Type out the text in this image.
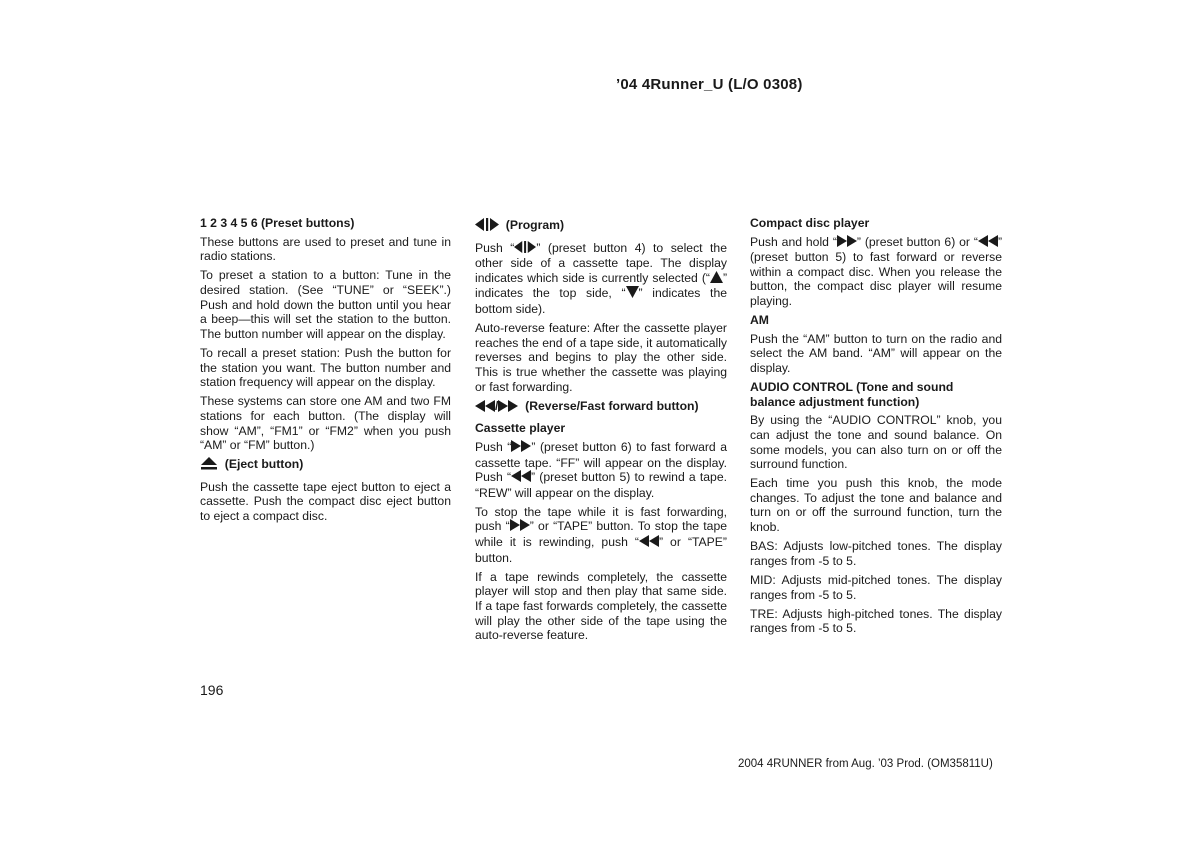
’04 4Runner_U (L/O 0308)
1 2 3 4 5 6 (Preset buttons)

These buttons are used to preset and tune in radio stations.

To preset a station to a button: Tune in the desired station. (See “TUNE” or “SEEK”.) Push and hold down the button until you hear a beep—this will set the station to the button. The button number will appear on the display.

To recall a preset station: Push the button for the station you want. The button number and station frequency will appear on the display.

These systems can store one AM and two FM stations for each button. (The display will show “AM”, “FM1” or “FM2” when you push “AM” or “FM” button.)

(Eject button)

Push the cassette tape eject button to eject a cassette. Push the compact disc eject button to eject a compact disc.

(Program)

Push “ ” (preset button 4) to select the other side of a cassette tape. The display indicates which side is currently selected (“ ” indicates the top side, “ ” indicates the bottom side).

Auto‐reverse feature: After the cassette player reaches the end of a tape side, it automatically reverses and begins to play the other side. This is true whether the cassette was playing or fast forwarding.

/ (Reverse/Fast forward button)
Cassette player

Push “ ” (preset button 6) to fast forward a cassette tape. “FF” will appear on the display. Push “ ” (preset button 5) to rewind a tape. “REW” will appear on the display.

To stop the tape while it is fast forwarding, push “ ” or “TAPE” button. To stop the tape while it is rewinding, push “ ” or “TAPE” button.

If a tape rewinds completely, the cassette player will stop and then play that same side. If a tape fast forwards completely, the cassette will play the other side of the tape using the auto‐reverse feature.

Compact disc player

Push and hold “ ” (preset button 6) or “ ” (preset button 5) to fast forward or reverse within a compact disc. When you release the button, the compact disc player will resume playing.

AM

Push the “AM” button to turn on the radio and select the AM band. “AM” will appear on the display.

AUDIO CONTROL (Tone and sound balance adjustment function)

By using the “AUDIO CONTROL” knob, you can adjust the tone and sound balance. On some models, you can also turn on or off the surround function.

Each time you push this knob, the mode changes. To adjust the tone and balance and turn on or off the surround function, turn the knob.

BAS: Adjusts low‐pitched tones. The display ranges from -5 to 5.

MID: Adjusts mid‐pitched tones. The display ranges from -5 to 5.

TRE: Adjusts high‐pitched tones. The display ranges from -5 to 5.

196
2004 4RUNNER from Aug. ’03 Prod. (OM35811U)
